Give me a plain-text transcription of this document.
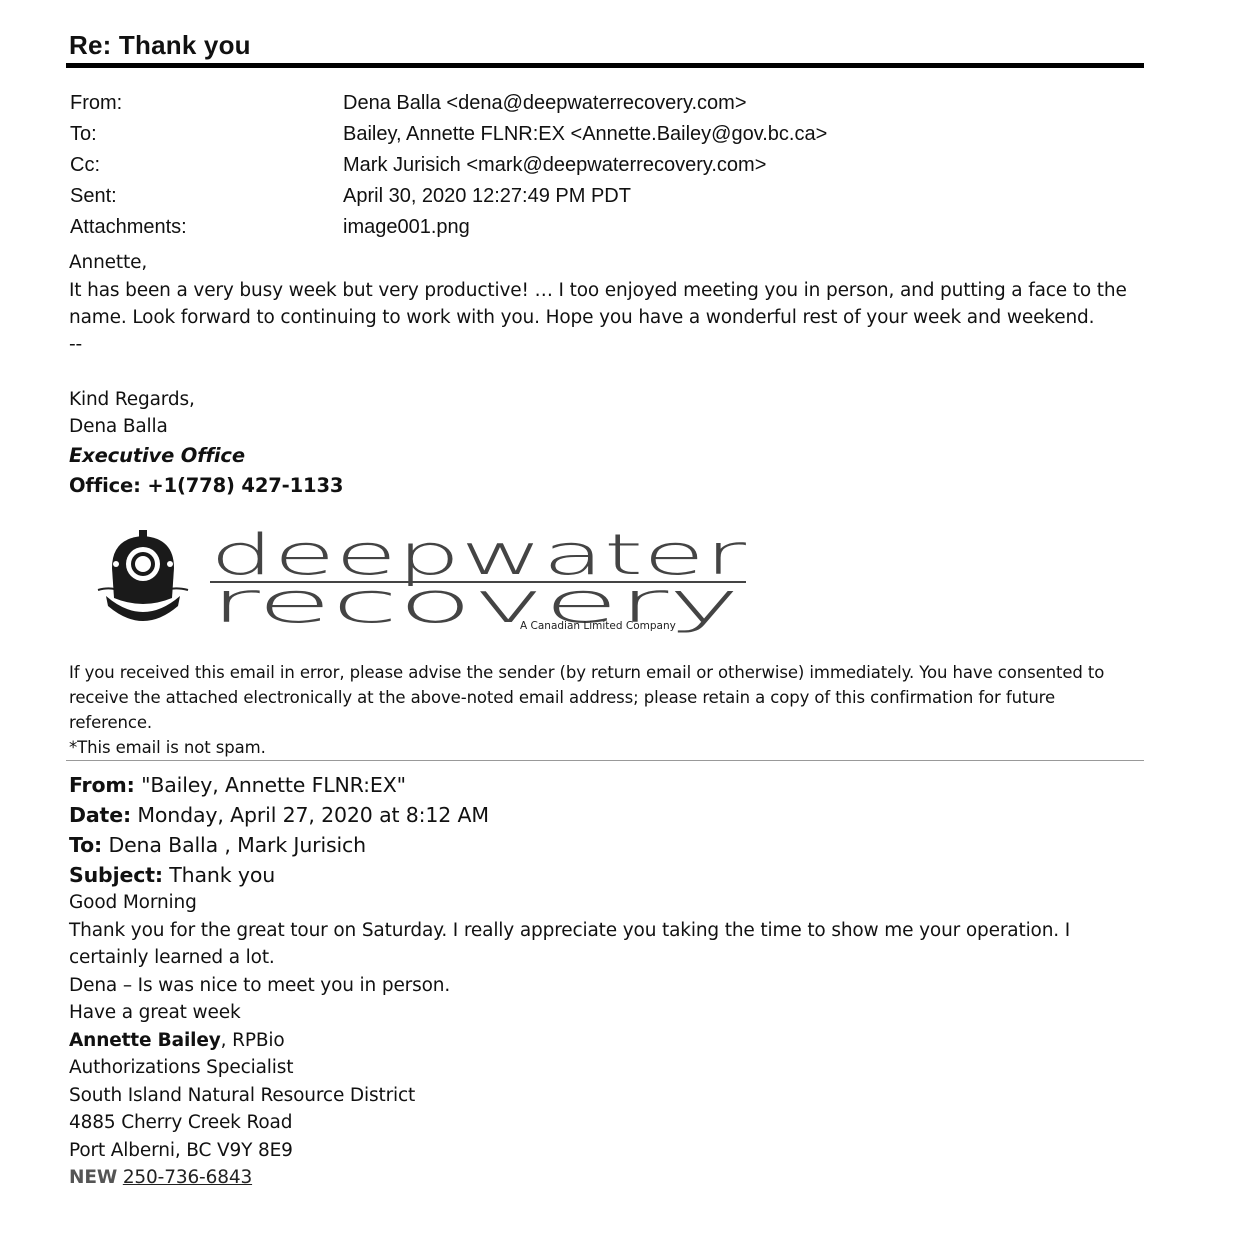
Re: Thank you
From:	Dena Balla <dena@deepwaterrecovery.com>
To:	Bailey, Annette FLNR:EX <Annette.Bailey@gov.bc.ca>
Cc:	Mark Jurisich <mark@deepwaterrecovery.com>
Sent:	April 30, 2020 12:27:49 PM PDT
Attachments:	image001.png
Annette,
It has been a very busy week but very productive! … I too enjoyed meeting you in person, and putting a face to the
name. Look forward to continuing to work with you. Hope you have a wonderful rest of your week and weekend.
--
Kind Regards,
Dena Balla
Executive Office
Office: +1(778) 427-1133
deepwater
recovery
A Canadian Limited Company
If you received this email in error, please advise the sender (by return email or otherwise) immediately. You have consented to
receive the attached electronically at the above-noted email address; please retain a copy of this confirmation for future
reference.
*This email is not spam.
From: "Bailey, Annette FLNR:EX"
Date: Monday, April 27, 2020 at 8:12 AM
To: Dena Balla , Mark Jurisich
Subject: Thank you
Good Morning
Thank you for the great tour on Saturday. I really appreciate you taking the time to show me your operation. I
certainly learned a lot.
Dena – Is was nice to meet you in person.
Have a great week
Annette Bailey, RPBio
Authorizations Specialist
South Island Natural Resource District
4885 Cherry Creek Road
Port Alberni, BC V9Y 8E9
NEW 250-736-6843
